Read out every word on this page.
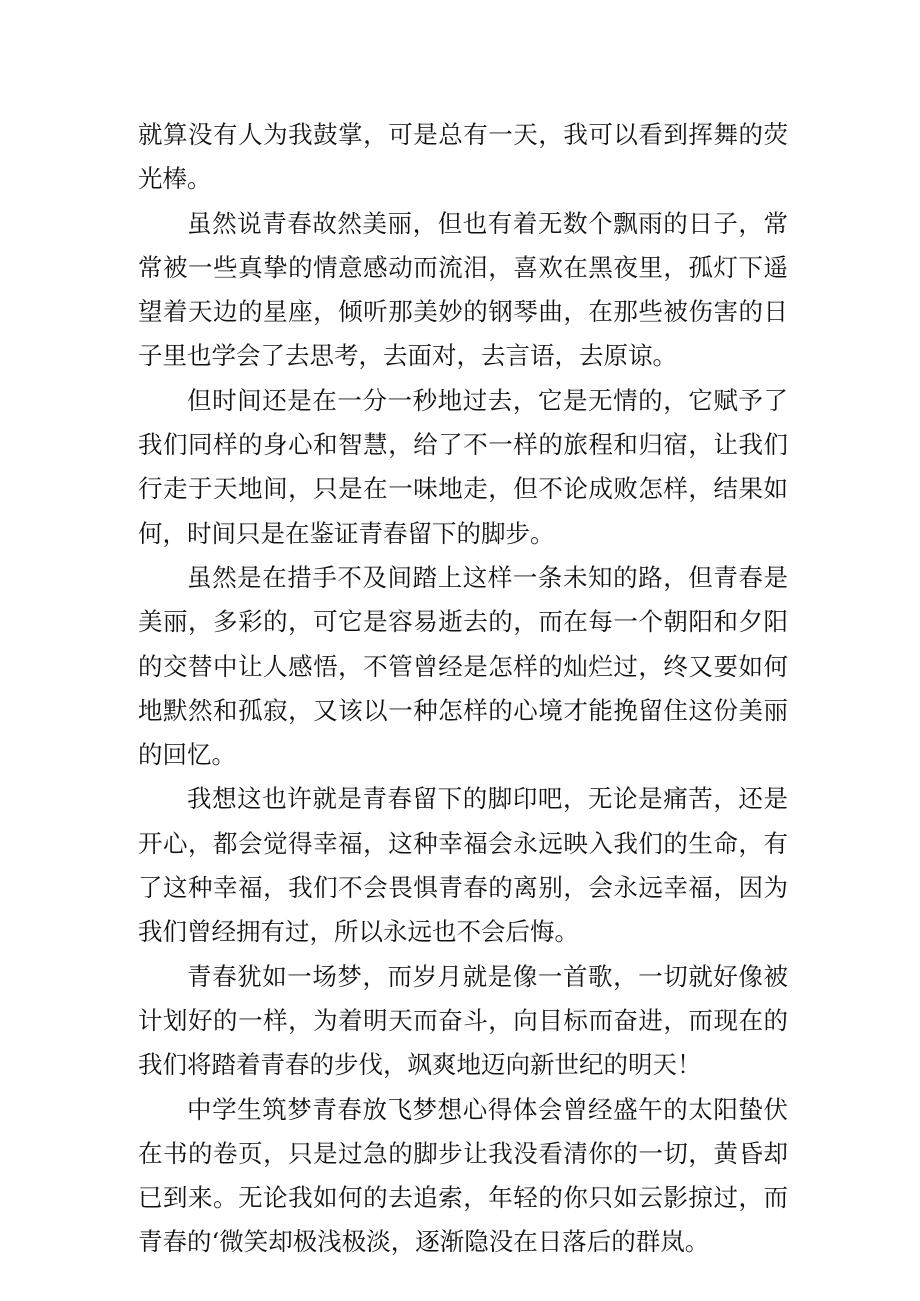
就算没有人为我鼓掌，可是总有一天，我可以看到挥舞的荧光棒。

虽然说青春故然美丽，但也有着无数个飘雨的日子，常常被一些真挚的情意感动而流泪，喜欢在黑夜里，孤灯下遥望着天边的星座，倾听那美妙的钢琴曲，在那些被伤害的日子里也学会了去思考，去面对，去言语，去原谅。

但时间还是在一分一秒地过去，它是无情的，它赋予了我们同样的身心和智慧，给了不一样的旅程和归宿，让我们行走于天地间，只是在一味地走，但不论成败怎样，结果如何，时间只是在鉴证青春留下的脚步。

虽然是在措手不及间踏上这样一条未知的路，但青春是美丽，多彩的，可它是容易逝去的，而在每一个朝阳和夕阳的交替中让人感悟，不管曾经是怎样的灿烂过，终又要如何地默然和孤寂，又该以一种怎样的心境才能挽留住这份美丽的回忆。

我想这也许就是青春留下的脚印吧，无论是痛苦，还是开心，都会觉得幸福，这种幸福会永远映入我们的生命，有了这种幸福，我们不会畏惧青春的离别，会永远幸福，因为我们曾经拥有过，所以永远也不会后悔。

青春犹如一场梦，而岁月就是像一首歌，一切就好像被计划好的一样，为着明天而奋斗，向目标而奋进，而现在的我们将踏着青春的步伐，飒爽地迈向新世纪的明天！

中学生筑梦青春放飞梦想心得体会曾经盛午的太阳蛰伏在书的卷页，只是过急的脚步让我没看清你的一切，黄昏却已到来。无论我如何的去追索，年轻的你只如云影掠过，而青春的‘微笑却极浅极淡，逐渐隐没在日落后的群岚。
